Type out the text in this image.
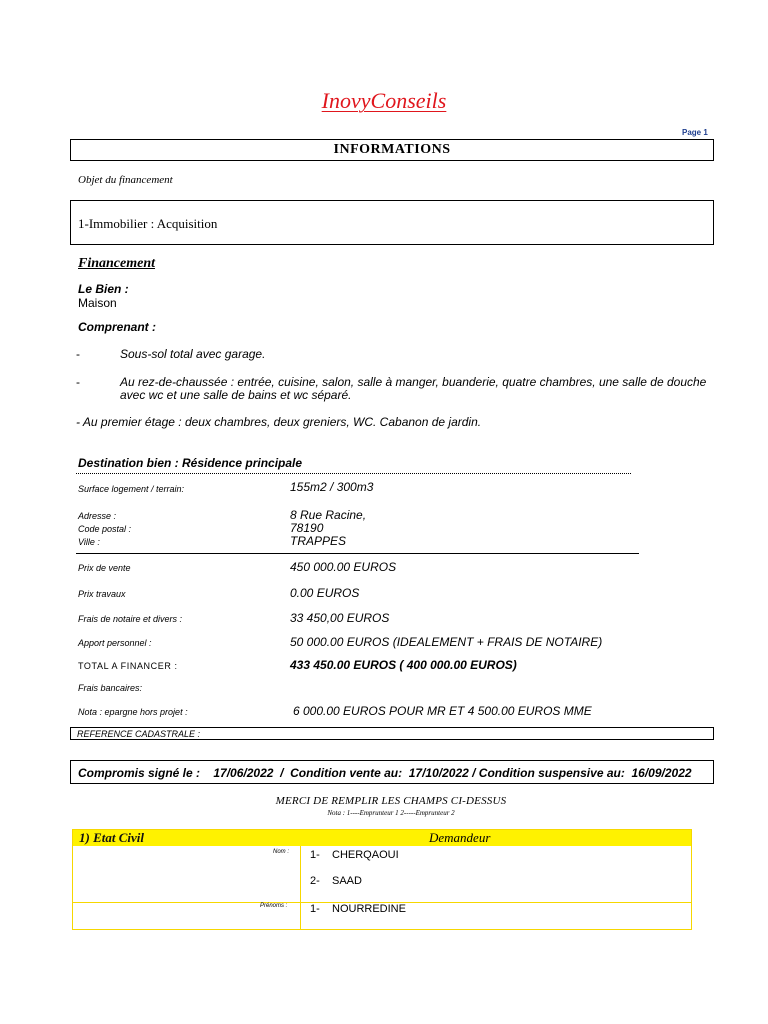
InovyConseils
Page 1
INFORMATIONS
Objet du financement
1-Immobilier : Acquisition
Financement
Le Bien :
Maison
Comprenant :
-	Sous-sol total avec garage.
-	Au rez-de-chaussée : entrée, cuisine, salon, salle à manger, buanderie, quatre chambres, une salle de douche
avec wc et une salle de bains et wc séparé.
- Au premier étage : deux chambres, deux greniers, WC. Cabanon de jardin.
Destination bien : Résidence principale
Surface logement / terrain:	155m2 / 300m3
Adresse :	8 Rue Racine,
Code postal :	78190
Ville :	TRAPPES
Prix de vente	450 000.00 EUROS
Prix travaux	0.00 EUROS
Frais de notaire et divers :	33 450,00 EUROS
Apport personnel :	50 000.00 EUROS (IDEALEMENT + FRAIS DE NOTAIRE)
TOTAL A FINANCER :	433 450.00 EUROS ( 400 000.00 EUROS)
Frais bancaires:
Nota : epargne hors projet :	6 000.00 EUROS POUR MR ET 4 500.00 EUROS MME
REFERENCE CADASTRALE :
Compromis signé le :    17/06/2022  /  Condition vente au:  17/10/2022 / Condition suspensive au:  16/09/2022
MERCI DE REMPLIR LES CHAMPS CI-DESSUS
Nota : 1----Emprunteur 1 2-----Emprunteur 2
1) Etat Civil	Demandeur
Nom : 1-    CHERQAOUI
2-    SAAD
Prénoms : 1-    NOURREDINE
